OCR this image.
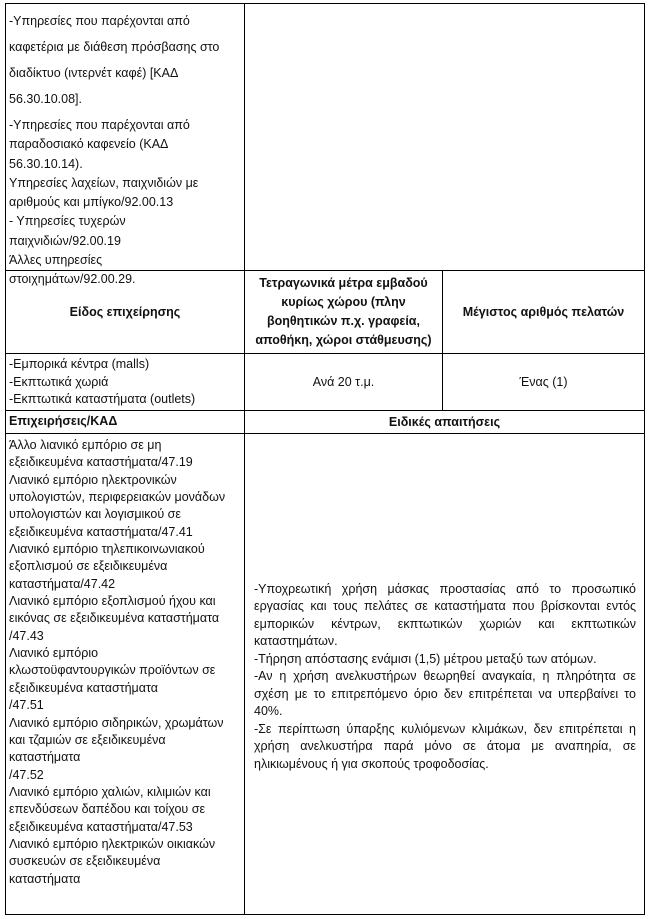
-Υπηρεσίες που παρέχονται από
καφετέρια με διάθεση πρόσβασης στο
διαδίκτυο (ιντερνέτ καφέ) [ΚΑΔ
56.30.10.08].
-Υπηρεσίες που παρέχονται από
παραδοσιακό καφενείο (ΚΑΔ
56.30.10.14).
Υπηρεσίες λαχείων, παιχνιδιών με
αριθμούς και μπίγκο/92.00.13
- Υπηρεσίες τυχερών
παιχνιδιών/92.00.19
Άλλες υπηρεσίες
στοιχημάτων/92.00.29.
Είδος επιχείρησης
Τετραγωνικά μέτρα εμβαδού
κυρίως χώρου (πλην
βοηθητικών π.χ. γραφεία,
αποθήκη, χώροι στάθμευσης)
Μέγιστος αριθμός πελατών
-Εμπορικά κέντρα (malls)
-Εκπτωτικά χωριά
-Εκπτωτικά καταστήματα (outlets)
Ανά 20 τ.μ.	Ένας (1)
Επιχειρήσεις/ΚΑΔ	Ειδικές απαιτήσεις
Άλλο λιανικό εμπόριο σε μη
εξειδικευμένα καταστήματα/47.19
Λιανικό εμπόριο ηλεκτρονικών
υπολογιστών, περιφερειακών μονάδων
υπολογιστών και λογισμικού σε
εξειδικευμένα καταστήματα/47.41
Λιανικό εμπόριο τηλεπικοινωνιακού
εξοπλισμού σε εξειδικευμένα
καταστήματα/47.42
Λιανικό εμπόριο εξοπλισμού ήχου και
εικόνας σε εξειδικευμένα καταστήματα
/47.43
Λιανικό εμπόριο
κλωστοϋφαντουργικών προϊόντων σε
εξειδικευμένα καταστήματα
/47.51
Λιανικό εμπόριο σιδηρικών, χρωμάτων
και τζαμιών σε εξειδικευμένα
καταστήματα
/47.52
Λιανικό εμπόριο χαλιών, κιλιμιών και
επενδύσεων δαπέδου και τοίχου σε
εξειδικευμένα καταστήματα/47.53
Λιανικό εμπόριο ηλεκτρικών οικιακών
συσκευών σε εξειδικευμένα
καταστήματα
-Υποχρεωτική χρήση μάσκας προστασίας από το προσωπικό
εργασίας και τους πελάτες σε καταστήματα που βρίσκονται εντός
εμπορικών κέντρων, εκπτωτικών χωριών και εκπτωτικών
καταστημάτων.
-Τήρηση απόστασης ενάμισι (1,5) μέτρου μεταξύ των ατόμων.
-Αν η χρήση ανελκυστήρων θεωρηθεί αναγκαία, η πληρότητα σε
σχέση με το επιτρεπόμενο όριο δεν επιτρέπεται να υπερβαίνει το
40%.
-Σε περίπτωση ύπαρξης κυλιόμενων κλιμάκων, δεν επιτρέπεται η
χρήση ανελκυστήρα παρά μόνο σε άτομα με αναπηρία, σε
ηλικιωμένους ή για σκοπούς τροφοδοσίας.
